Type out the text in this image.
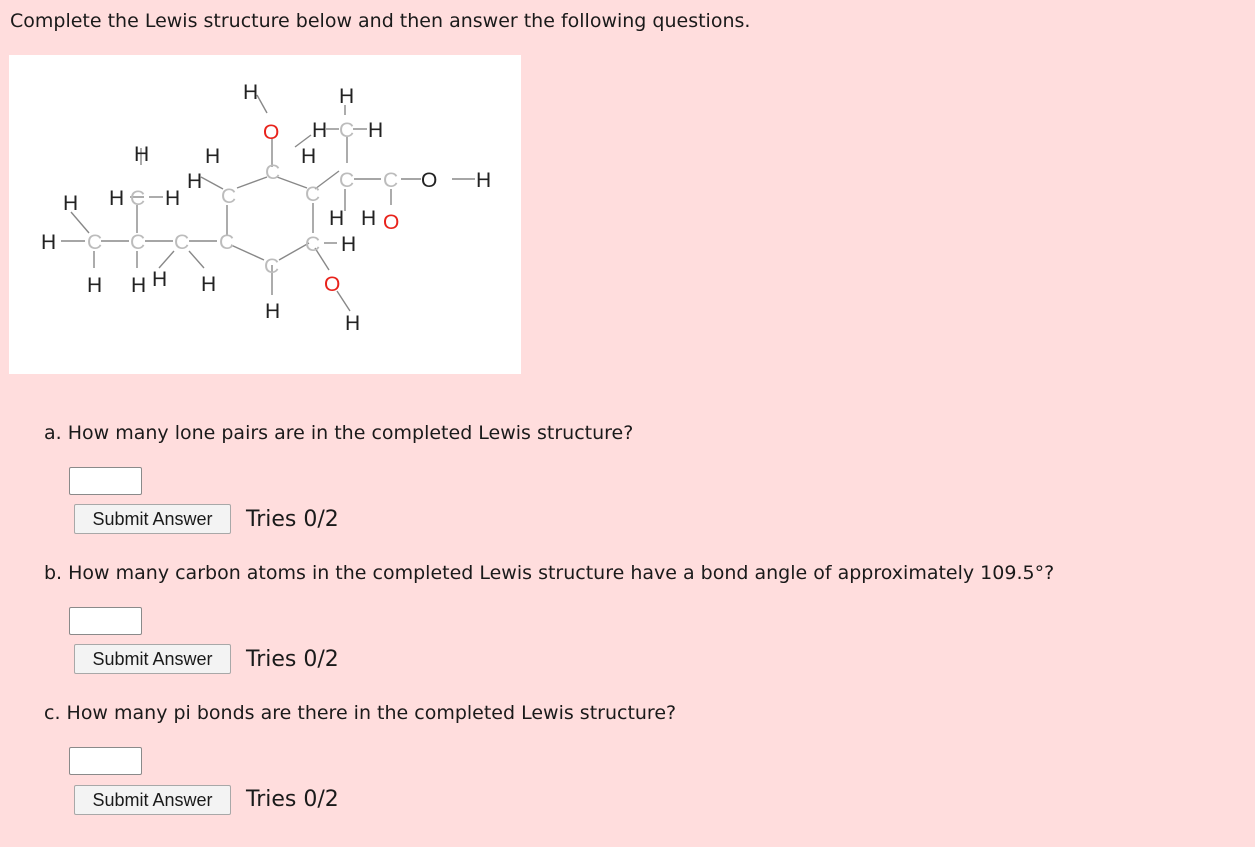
Complete the Lewis structure below and then answer the following questions.
H C C C C
H H C H
H
H H H H
H
H
C
C
C
C
C
H
O
H
H
H
H
O
H
C
H C H
H
C
O
H
O H
a. How many lone pairs are in the completed Lewis structure?
Submit Answer	Tries 0/2
b. How many carbon atoms in the completed Lewis structure have a bond angle of approximately 109.5°?
Submit Answer	Tries 0/2
c. How many pi bonds are there in the completed Lewis structure?
Submit Answer	Tries 0/2
